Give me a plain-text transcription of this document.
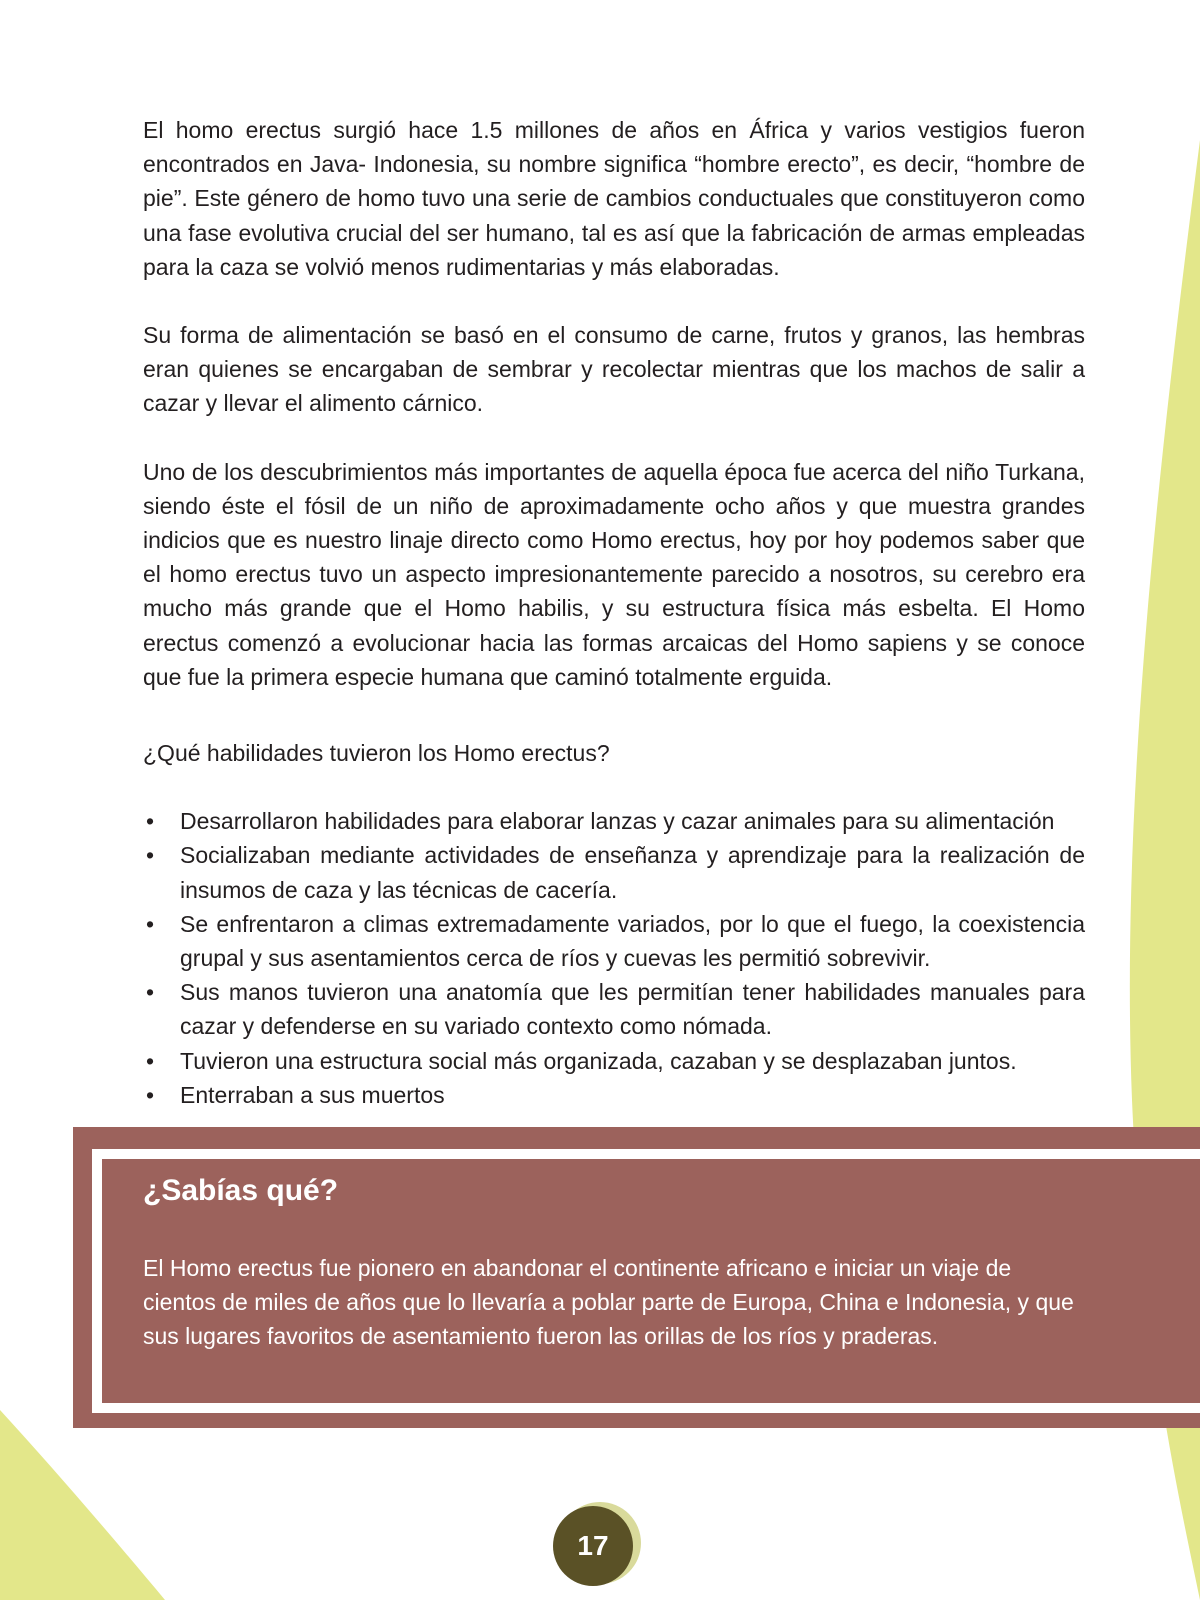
El homo erectus surgió hace 1.5 millones de años en África y varios vestigios fueron encontrados en Java- Indonesia, su nombre significa “hombre erecto”, es decir, “hombre de pie”. Este género de homo tuvo una serie de cambios conductuales que constituyeron como una fase evolutiva crucial del ser humano, tal es así que la fabricación de armas empleadas para la caza se volvió menos rudimentarias y más elaboradas.

Su forma de alimentación se basó en el consumo de carne, frutos y granos, las hembras eran quienes se encargaban de sembrar y recolectar mientras que los machos de salir a cazar y llevar el alimento cárnico.

Uno de los descubrimientos más importantes de aquella época fue acerca del niño Turkana, siendo éste el fósil de un niño de aproximadamente ocho años y que muestra grandes indicios que es nuestro linaje directo como Homo erectus, hoy por hoy podemos saber que el homo erectus tuvo un aspecto impresionantemente parecido a nosotros, su cerebro era mucho más grande que el Homo habilis, y su estructura física más esbelta. El Homo erectus comenzó a evolucionar hacia las formas arcaicas del Homo sapiens y se conoce que fue la primera especie humana que caminó totalmente erguida.

¿Qué habilidades tuvieron los Homo erectus?

• Desarrollaron habilidades para elaborar lanzas y cazar animales para su alimentación
• Socializaban mediante actividades de enseñanza y aprendizaje para la realización de insumos de caza y las técnicas de cacería.
• Se enfrentaron a climas extremadamente variados, por lo que el fuego, la coexistencia grupal y sus asentamientos cerca de ríos y cuevas les permitió sobrevivir.
• Sus manos tuvieron una anatomía que les permitían tener habilidades manuales para cazar y defenderse en su variado contexto como nómada.
• Tuvieron una estructura social más organizada, cazaban y se desplazaban juntos.
• Enterraban a sus muertos
¿Sabías qué?

El Homo erectus fue pionero en abandonar el continente africano e iniciar un viaje de cientos de miles de años que lo llevaría a poblar parte de Europa, China e Indonesia, y que sus lugares favoritos de asentamiento fueron las orillas de los ríos y praderas.

17
